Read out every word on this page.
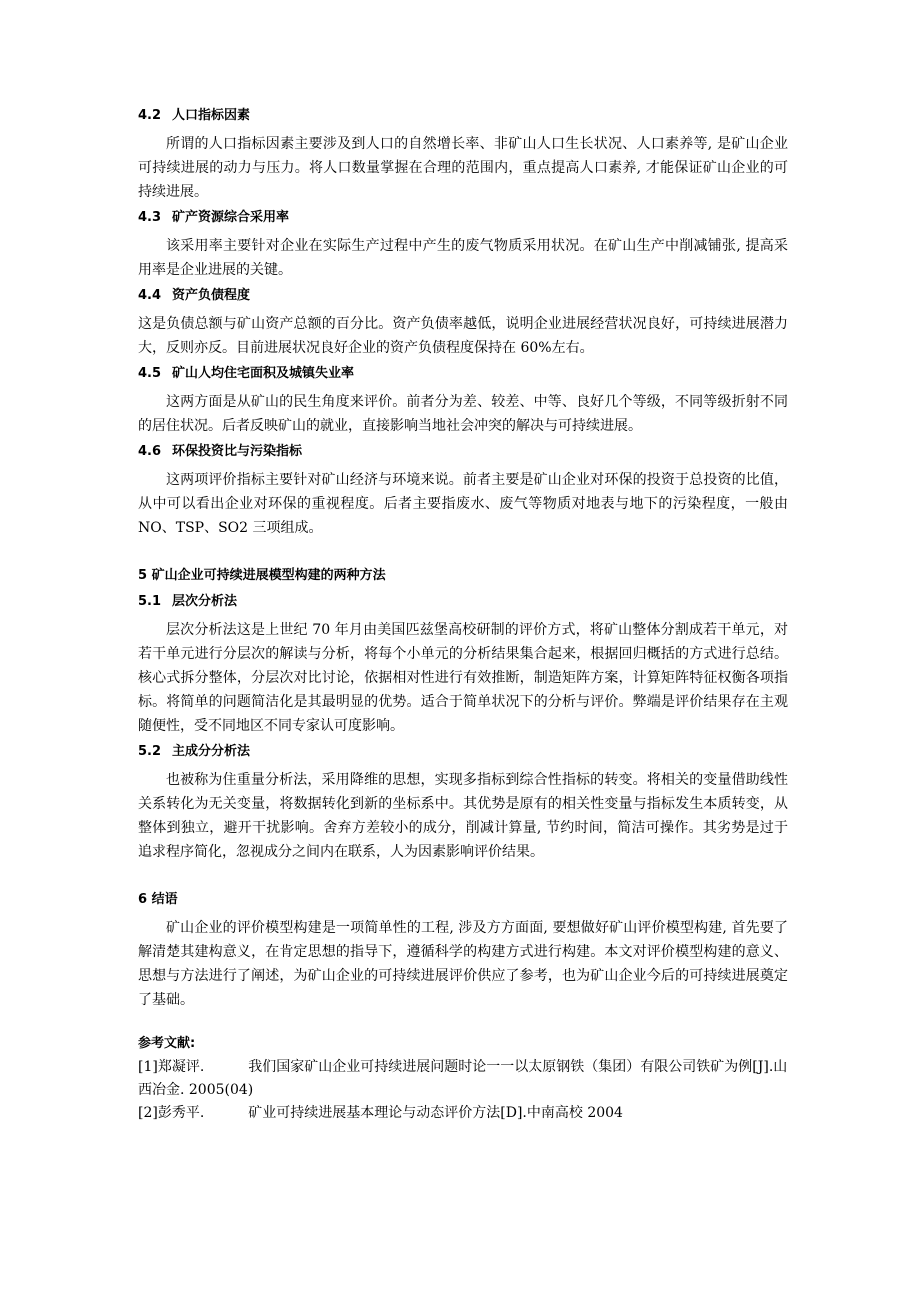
4.2 人口指标因素

所谓的人口指标因素主要涉及到人口的自然增长率、非矿山人口生长状况、人口素养等, 是矿山企业可持续进展的动力与压力。将人口数量掌握在合理的范围内，重点提高人口素养, 才能保证矿山企业的可持续进展。

4.3 矿产资源综合采用率

该采用率主要针对企业在实际生产过程中产生的废气物质采用状况。在矿山生产中削减铺张, 提高采用率是企业进展的关键。

4.4 资产负债程度

这是负债总额与矿山资产总额的百分比。资产负债率越低，说明企业进展经营状况良好，可持续进展潜力大，反则亦反。目前进展状况良好企业的资产负债程度保持在 60%左右。

4.5 矿山人均住宅面积及城镇失业率

这两方面是从矿山的民生角度来评价。前者分为差、较差、中等、良好几个等级，不同等级折射不同的居住状况。后者反映矿山的就业，直接影响当地社会冲突的解决与可持续进展。

4.6 环保投资比与污染指标

这两项评价指标主要针对矿山经济与环境来说。前者主要是矿山企业对环保的投资于总投资的比值，从中可以看出企业对环保的重视程度。后者主要指废水、废气等物质对地表与地下的污染程度，一般由 NO、TSP、SO2 三项组成。

5 矿山企业可持续进展模型构建的两种方法
5.1 层次分析法

层次分析法这是上世纪 70 年月由美国匹兹堡高校研制的评价方式，将矿山整体分割成若干单元，对若干单元进行分层次的解读与分析，将每个小单元的分析结果集合起来，根据回归概括的方式进行总结。核心式拆分整体，分层次对比讨论，依据相对性进行有效推断，制造矩阵方案，计算矩阵特征权衡各项指标。将简单的问题简洁化是其最明显的优势。适合于简单状况下的分析与评价。弊端是评价结果存在主观随便性，受不同地区不同专家认可度影响。

5.2 主成分分析法

也被称为住重量分析法，采用降维的思想，实现多指标到综合性指标的转变。将相关的变量借助线性关系转化为无关变量，将数据转化到新的坐标系中。其优势是原有的相关性变量与指标发生本质转变，从整体到独立，避开干扰影响。舍弃方差较小的成分，削减计算量, 节约时间，简洁可操作。其劣势是过于追求程序简化，忽视成分之间内在联系，人为因素影响评价结果。

6 结语

矿山企业的评价模型构建是一项简单性的工程, 涉及方方面面, 要想做好矿山评价模型构建, 首先要了解清楚其建构意义，在肯定思想的指导下，遵循科学的构建方式进行构建。本文对评价模型构建的意义、思想与方法进行了阐述，为矿山企业的可持续进展评价供应了参考，也为矿山企业今后的可持续进展奠定了基础。

参考文献:

[1]郑凝评.	我们国家矿山企业可持续进展问题时论一一以太原钢铁（集团）有限公司铁矿为例[J].山西冶金. 2005(04)

[2]彭秀平.	矿业可持续进展基本理论与动态评价方法[D].中南高校 2004
